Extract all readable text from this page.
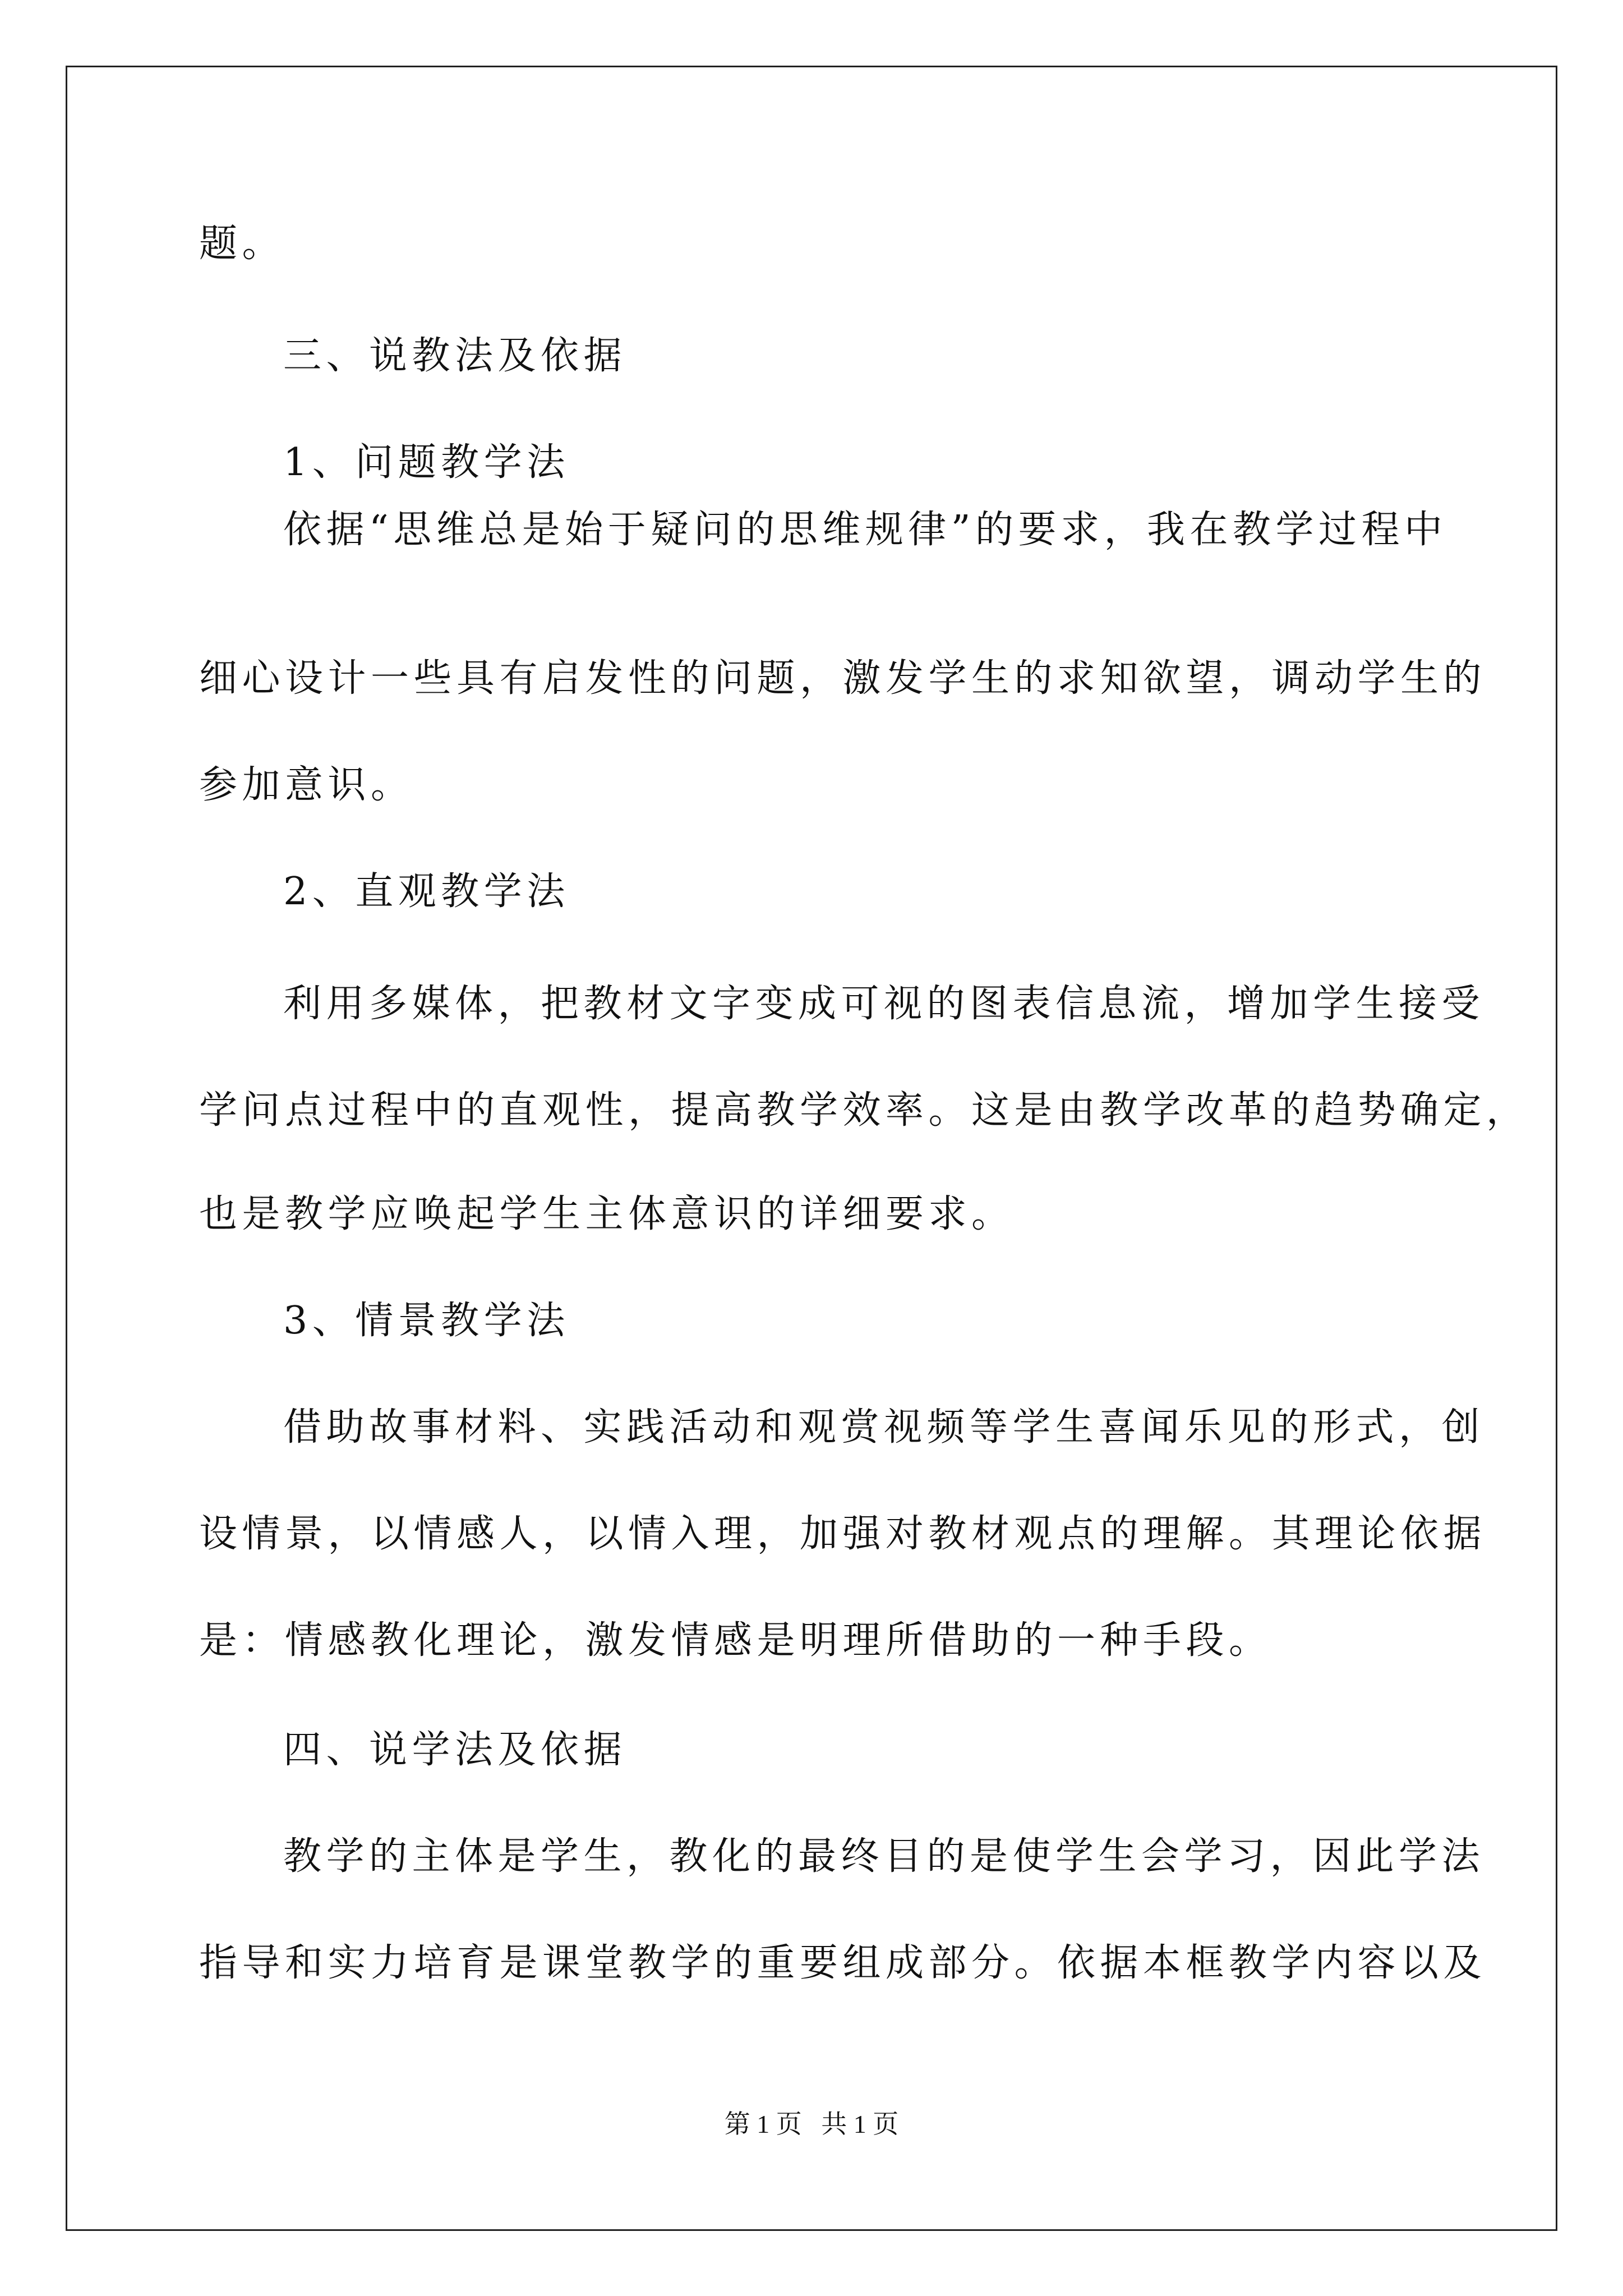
题。
三、说教法及依据
1、问题教学法
依据“思维总是始于疑问的思维规律”的要求，我在教学过程中
细心设计一些具有启发性的问题，激发学生的求知欲望，调动学生的
参加意识。
2、直观教学法
利用多媒体，把教材文字变成可视的图表信息流，增加学生接受
学问点过程中的直观性，提高教学效率。这是由教学改革的趋势确定，
也是教学应唤起学生主体意识的详细要求。
3、情景教学法
借助故事材料、实践活动和观赏视频等学生喜闻乐见的形式，创
设情景，以情感人，以情入理，加强对教材观点的理解。其理论依据
是：情感教化理论，激发情感是明理所借助的一种手段。
四、说学法及依据
教学的主体是学生，教化的最终目的是使学生会学习，因此学法
指导和实力培育是课堂教学的重要组成部分。依据本框教学内容以及
第 1 页   共 1 页
